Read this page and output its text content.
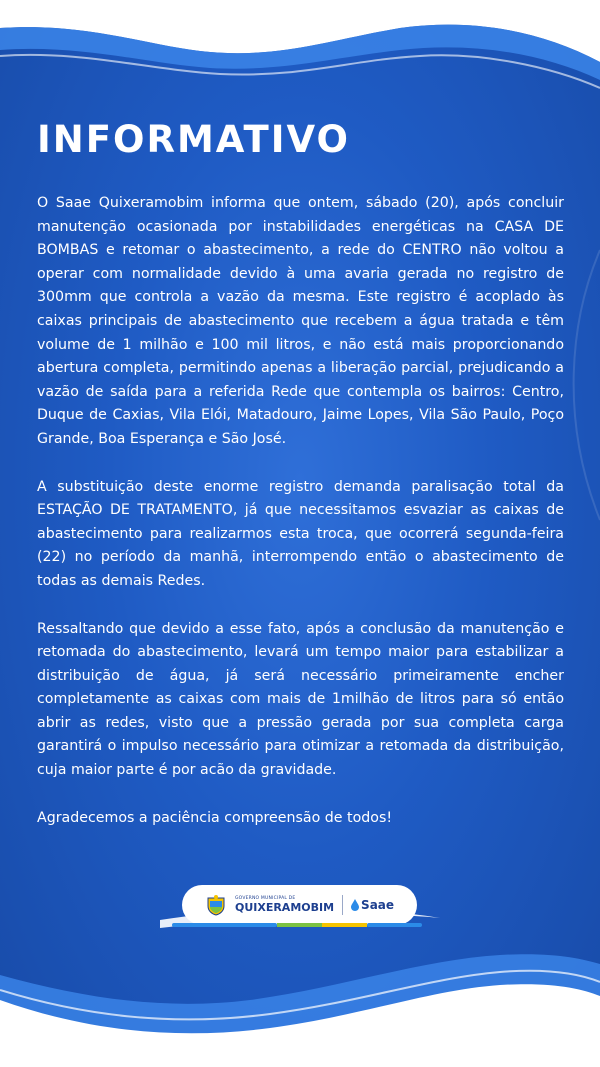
INFORMATIVO

O Saae Quixeramobim informa que ontem, sábado (20), após concluir manutenção ocasionada por instabilidades energéticas na CASA DE BOMBAS e retomar o abastecimento, a rede do CENTRO não voltou a operar com normalidade devido à uma avaria gerada no registro de 300mm que controla a vazão da mesma. Este registro é acoplado às caixas principais de abastecimento que recebem a água tratada e têm volume de 1 milhão e 100 mil litros, e não está mais proporcionando abertura completa, permitindo apenas a liberação parcial, prejudicando a vazão de saída para a referida Rede que contempla os bairros: Centro, Duque de Caxias, Vila Elói, Matadouro, Jaime Lopes, Vila São Paulo, Poço Grande, Boa Esperança e São José.

A substituição deste enorme registro demanda paralisação total da ESTAÇÃO DE TRATAMENTO, já que necessitamos esvaziar as caixas de abastecimento para realizarmos esta troca, que ocorrerá segunda-feira (22) no período da manhã, interrompendo então o abastecimento de todas as demais Redes.

Ressaltando que devido a esse fato, após a conclusão da manutenção e retomada do abastecimento, levará um tempo maior para estabilizar a distribuição de água, já será necessário primeiramente encher completamente as caixas com mais de 1milhão de litros para só então abrir as redes, visto que a pressão gerada por sua completa carga garantirá o impulso necessário para otimizar a retomada da distribuição, cuja maior parte é por acão da gravidade.

Agradecemos a paciência compreensão de todos!

GOVERNO MUNICIPAL DE
QUIXERAMOBIM Saae
